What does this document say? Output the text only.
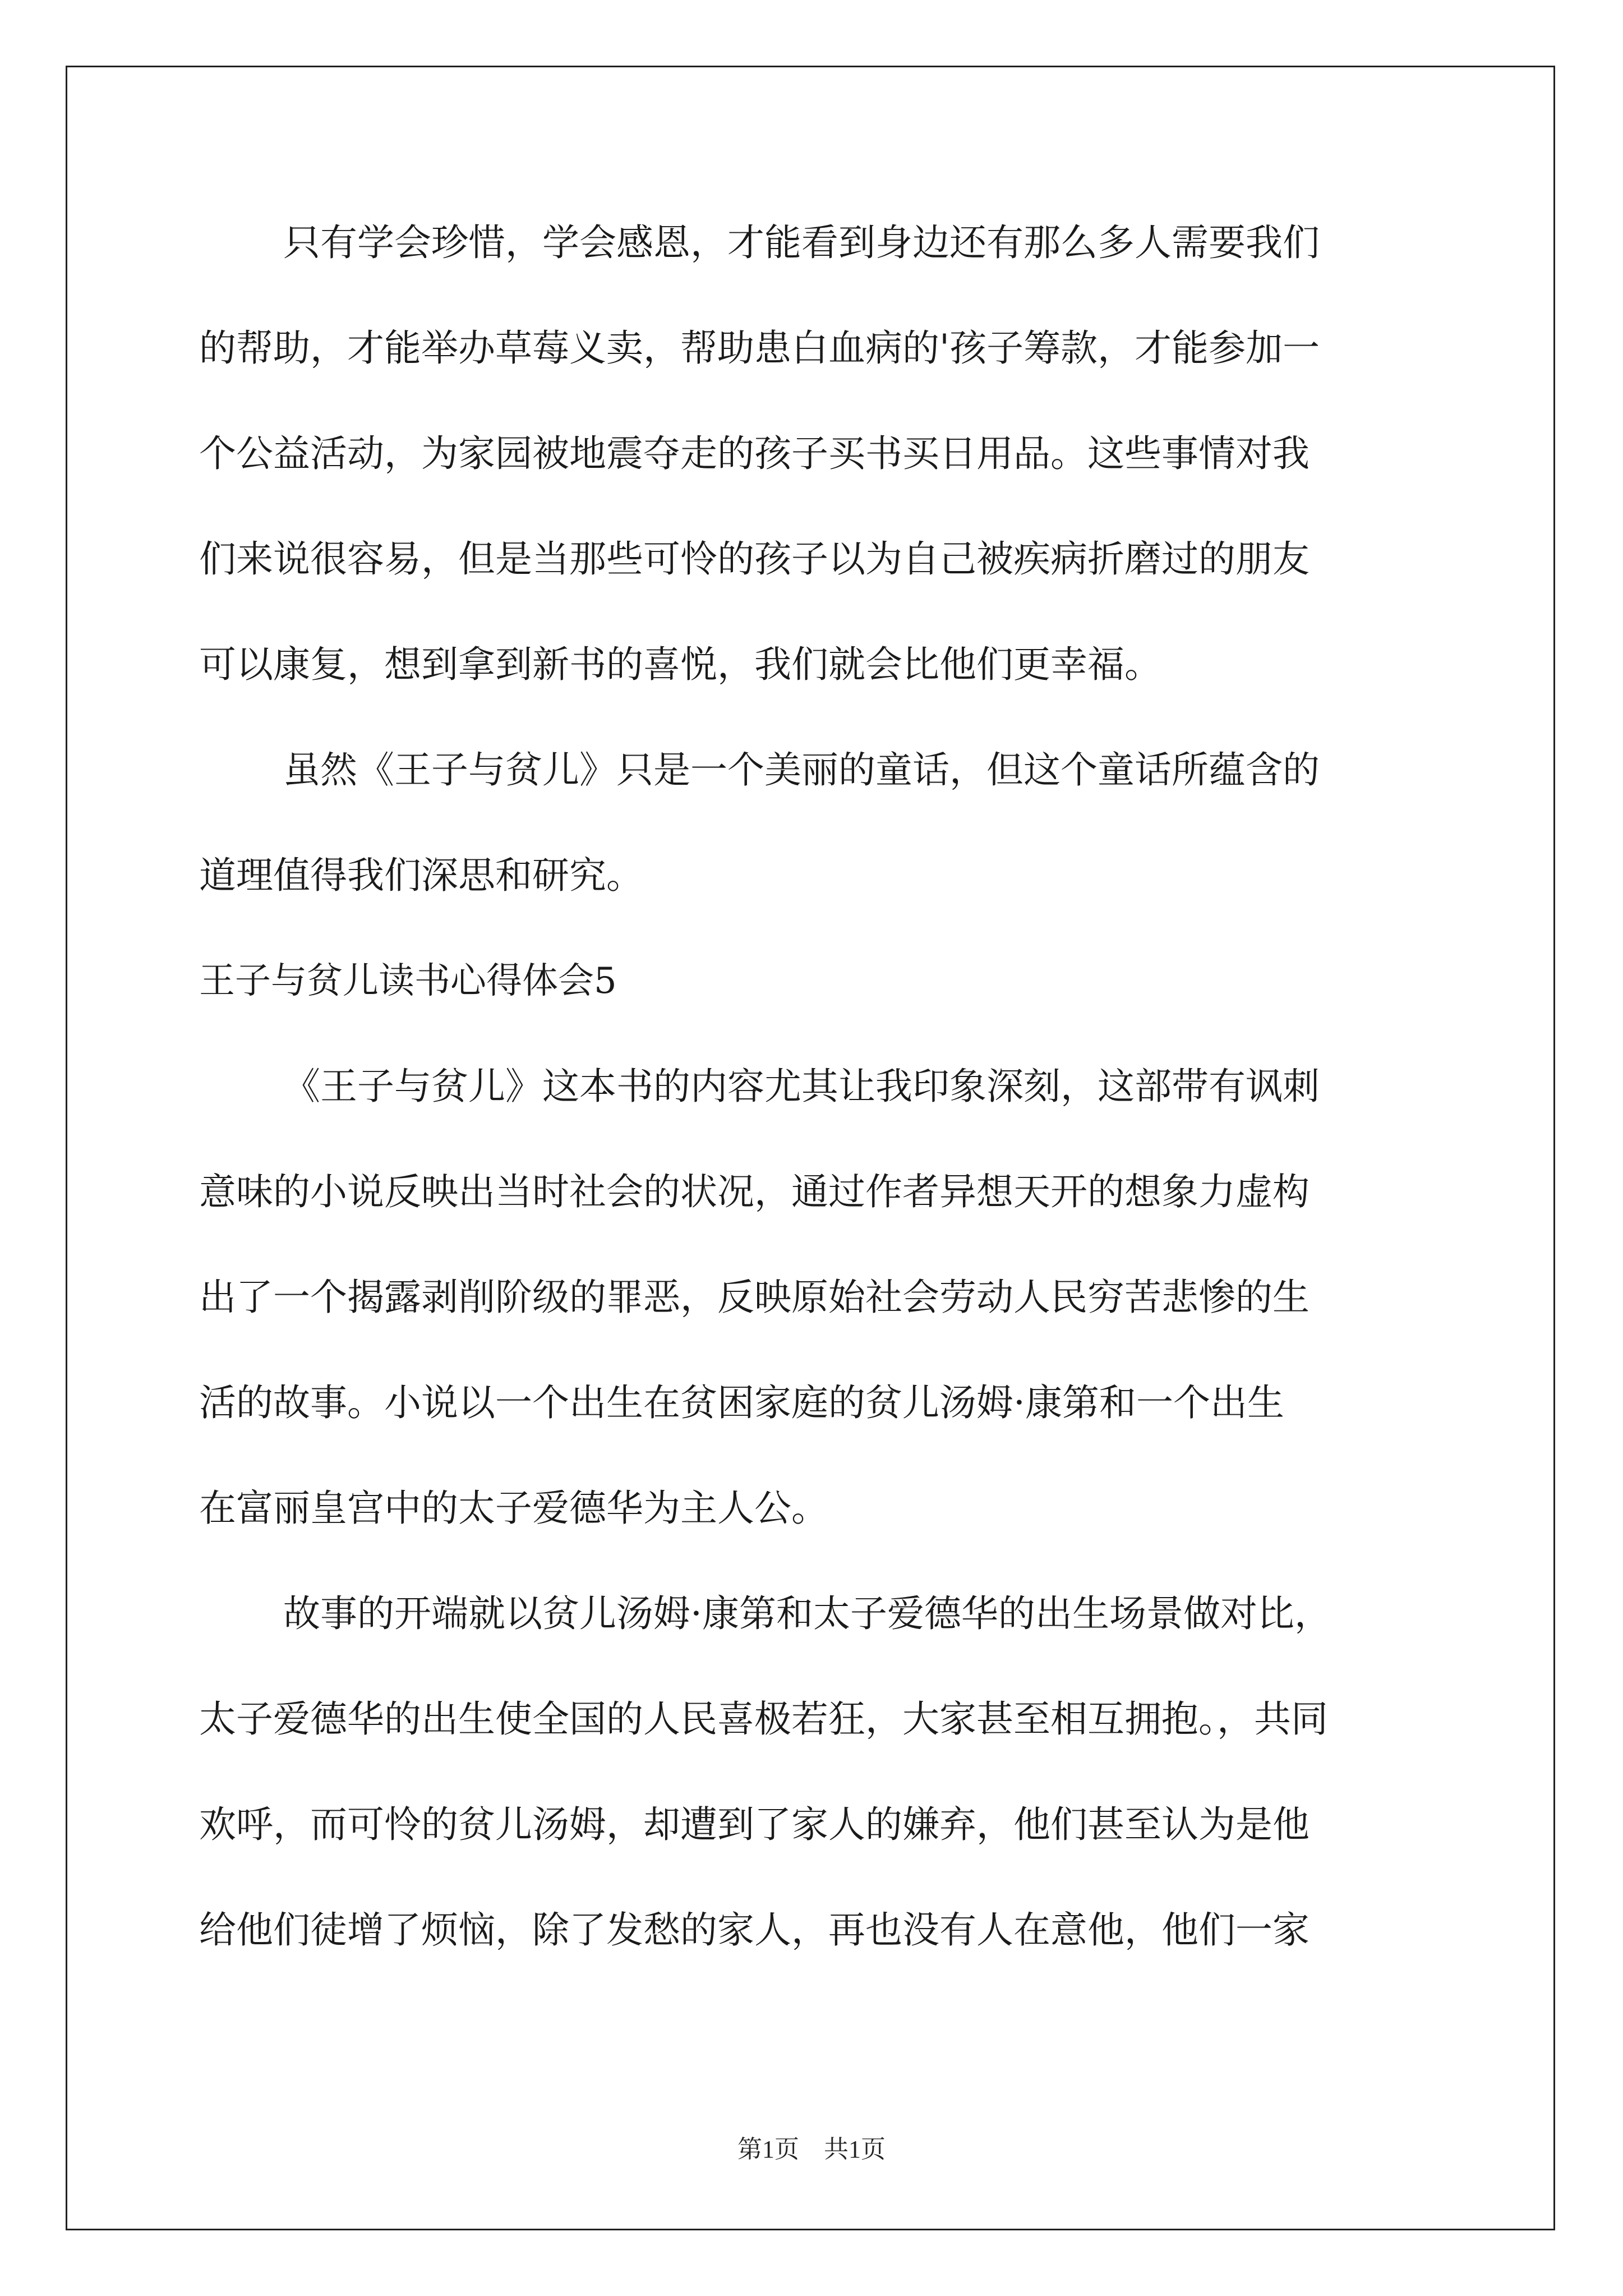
只有学会珍惜，学会感恩，才能看到身边还有那么多人需要我们
的帮助，才能举办草莓义卖，帮助患白血病的'孩子筹款，才能参加一
个公益活动，为家园被地震夺走的孩子买书买日用品。这些事情对我
们来说很容易，但是当那些可怜的孩子以为自己被疾病折磨过的朋友
可以康复，想到拿到新书的喜悦，我们就会比他们更幸福。
虽然《王子与贫儿》只是一个美丽的童话，但这个童话所蕴含的
道理值得我们深思和研究。
王子与贫儿读书心得体会5
《王子与贫儿》这本书的内容尤其让我印象深刻，这部带有讽刺
意味的小说反映出当时社会的状况，通过作者异想天开的想象力虚构
出了一个揭露剥削阶级的罪恶，反映原始社会劳动人民穷苦悲惨的生
活的故事。小说以一个出生在贫困家庭的贫儿汤姆·康第和一个出生
在富丽皇宫中的太子爱德华为主人公。
故事的开端就以贫儿汤姆·康第和太子爱德华的出生场景做对比，
太子爱德华的出生使全国的人民喜极若狂，大家甚至相互拥抱。，共同
欢呼，而可怜的贫儿汤姆，却遭到了家人的嫌弃，他们甚至认为是他
给他们徒增了烦恼，除了发愁的家人，再也没有人在意他，他们一家
第1页　共1页
